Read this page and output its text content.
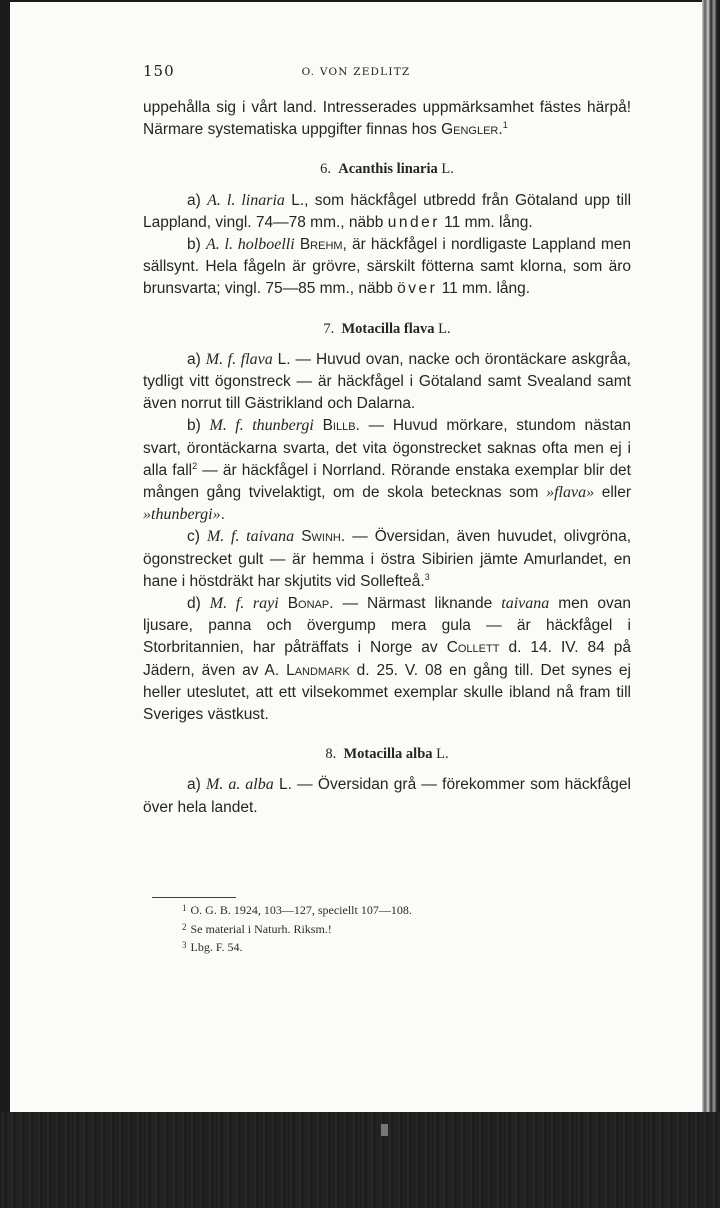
150	O. VON ZEDLITZ

uppehålla sig i vårt land. Intresserades uppmärksamhet fästes härpå! Närmare systematiska uppgifter finnas hos Gengler.$^1$

6. Acanthis linaria L.

a) A. l. linaria L., som häckfågel utbredd från Götaland upp till Lappland, vingl. 74—78 mm., näbb under 11 mm. lång.

b) A. l. holboelli Brehm, är häckfågel i nordligaste Lappland men sällsynt. Hela fågeln är grövre, särskilt fötterna samt klorna, som äro brunsvarta; vingl. 75—85 mm., näbb över 11 mm. lång.

7. Motacilla flava L.

a) M. f. flava L. — Huvud ovan, nacke och örontäckare askgråa, tydligt vitt ögonstreck — är häckfågel i Götaland samt Svealand samt även norrut till Gästrikland och Dalarna.

b) M. f. thunbergi Billb. — Huvud mörkare, stundom nästan svart, örontäckarna svarta, det vita ögonstrecket saknas ofta men ej i alla fall$^2$ — är häckfågel i Norrland. Rörande enstaka exemplar blir det mången gång tvivelaktigt, om de skola betecknas som »flava» eller »thunbergi».

c) M. f. taivana Swinh. — Översidan, även huvudet, olivgröna, ögonstrecket gult — är hemma i östra Sibirien jämte Amurlandet, en hane i höstdräkt har skjutits vid Sollefteå.$^3$

d) M. f. rayi Bonap. — Närmast liknande taivana men ovan ljusare, panna och övergump mera gula — är häckfågel i Storbritannien, har påträffats i Norge av Collett d. 14. IV. 84 på Jädern, även av A. Landmark d. 25. V. 08 en gång till. Det synes ej heller uteslutet, att ett vilsekommet exemplar skulle ibland nå fram till Sveriges västkust.

8. Motacilla alba L.

a) M. a. alba L. — Översidan grå — förekommer som häckfågel över hela landet.

$^1$ O. G. B. 1924, 103—127, speciellt 107—108.

$^2$ Se material i Naturh. Riksm.!

$^3$ Lbg. F. 54.
